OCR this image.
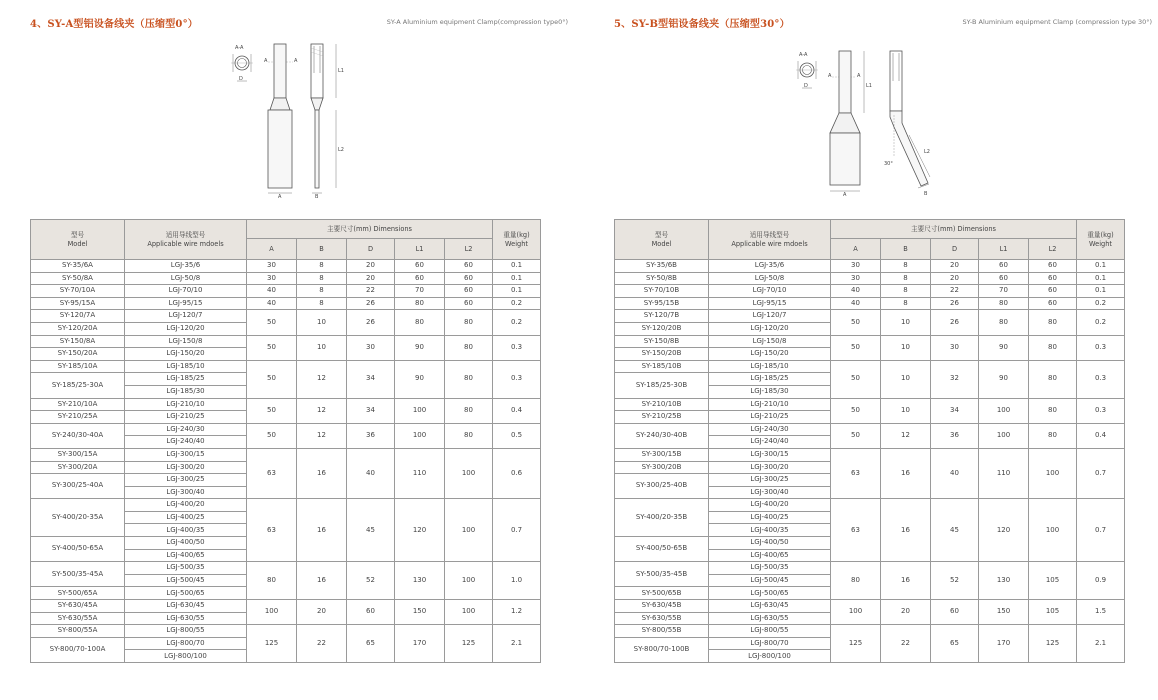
4、SY-A型铝设备线夹（压缩型0°）	SY-A Aluminium equipment Clamp(compression type0°)
A-A
D
A	A
A
L1
L2
B
型号
Model	适用导线型号
Applicable wire mdoels	主要尺寸(mm) Dimensions					重量(kg)
Weight
		A	B	D	L1	L2	
SY-35/6A	LGJ-35/6	30	8	20	60	60	0.1
SY-50/8A	LGJ-50/8	30	8	20	60	60	0.1
SY-70/10A	LGJ-70/10	40	8	22	70	60	0.1
SY-95/15A	LGJ-95/15	40	8	26	80	60	0.2
SY-120/7A	LGJ-120/7	50	10	26	80	80	0.2
SY-120/20A	LGJ-120/20						
SY-150/8A	LGJ-150/8	50	10	30	90	80	0.3
SY-150/20A	LGJ-150/20						
SY-185/10A	LGJ-185/10	50	12	34	90	80	0.3
SY-185/25-30A	LGJ-185/25						
	LGJ-185/30						
SY-210/10A	LGJ-210/10	50	12	34	100	80	0.4
SY-210/25A	LGJ-210/25						
SY-240/30-40A	LGJ-240/30	50	12	36	100	80	0.5
	LGJ-240/40						
SY-300/15A	LGJ-300/15	63	16	40	110	100	0.6
SY-300/20A	LGJ-300/20						
SY-300/25-40A	LGJ-300/25						
	LGJ-300/40						
SY-400/20-35A	LGJ-400/20	63	16	45	120	100	0.7
	LGJ-400/25						
	LGJ-400/35						
SY-400/50-65A	LGJ-400/50						
	LGJ-400/65						
SY-500/35-45A	LGJ-500/35	80	16	52	130	100	1.0
	LGJ-500/45						
SY-500/65A	LGJ-500/65						
SY-630/45A	LGJ-630/45	100	20	60	150	100	1.2
SY-630/55A	LGJ-630/55						
SY-800/55A	LGJ-800/55	125	22	65	170	125	2.1
SY-800/70-100A	LGJ-800/70						
	LGJ-800/100						
5、SY-B型铝设备线夹（压缩型30°）	SY-B Aluminium equipment Clamp (compression type 30°)
A-A
D
A	A
L1
A
30°
L2
B
型号
Model	适用导线型号
Applicable wire mdoels	主要尺寸(mm) Dimensions					重量(kg)
Weight
		A	B	D	L1	L2	
SY-35/6B	LGJ-35/6	30	8	20	60	60	0.1
SY-50/8B	LGJ-50/8	30	8	20	60	60	0.1
SY-70/10B	LGJ-70/10	40	8	22	70	60	0.1
SY-95/15B	LGJ-95/15	40	8	26	80	60	0.2
SY-120/7B	LGJ-120/7	50	10	26	80	80	0.2
SY-120/20B	LGJ-120/20						
SY-150/8B	LGJ-150/8	50	10	30	90	80	0.3
SY-150/20B	LGJ-150/20						
SY-185/10B	LGJ-185/10	50	10	32	90	80	0.3
SY-185/25-30B	LGJ-185/25						
	LGJ-185/30						
SY-210/10B	LGJ-210/10	50	10	34	100	80	0.3
SY-210/25B	LGJ-210/25						
SY-240/30-40B	LGJ-240/30	50	12	36	100	80	0.4
	LGJ-240/40						
SY-300/15B	LGJ-300/15	63	16	40	110	100	0.7
SY-300/20B	LGJ-300/20						
SY-300/25-40B	LGJ-300/25						
	LGJ-300/40						
SY-400/20-35B	LGJ-400/20	63	16	45	120	100	0.7
	LGJ-400/25						
	LGJ-400/35						
SY-400/50-65B	LGJ-400/50						
	LGJ-400/65						
SY-500/35-45B	LGJ-500/35	80	16	52	130	105	0.9
	LGJ-500/45						
SY-500/65B	LGJ-500/65						
SY-630/45B	LGJ-630/45	100	20	60	150	105	1.5
SY-630/55B	LGJ-630/55						
SY-800/55B	LGJ-800/55	125	22	65	170	125	2.1
SY-800/70-100B	LGJ-800/70						
	LGJ-800/100						
